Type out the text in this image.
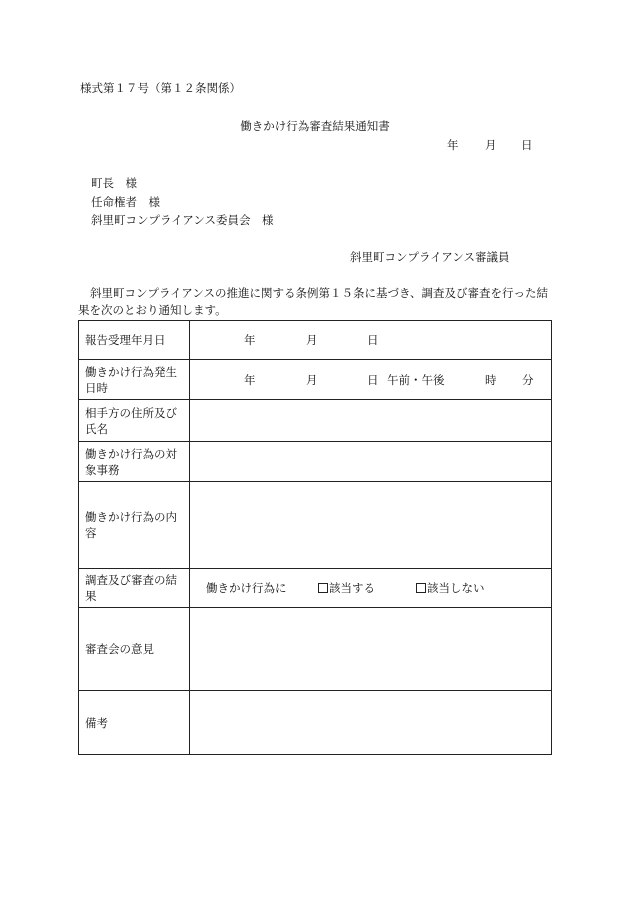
様式第１７号（第１２条関係）
働きかけ行為審査結果通知書
年 月 日
町長　様
任命権者　様
斜里町コンプライアンス委員会　様
斜里町コンプライアンス審議員
斜里町コンプライアンスの推進に関する条例第１５条に基づき、調査及び審査を行った結果を次のとおり通知します。
報告受理年月日	年 月 日

働きかけ行為発生日時	年 月 日 午前・午後 時 分

相手方の住所及び氏名	
働きかけ行為の対象事務	
働きかけ行為の内容	
調査及び審査の結果	働きかけ行為に 該当する 該当しない

審査会の意見	
備考	
